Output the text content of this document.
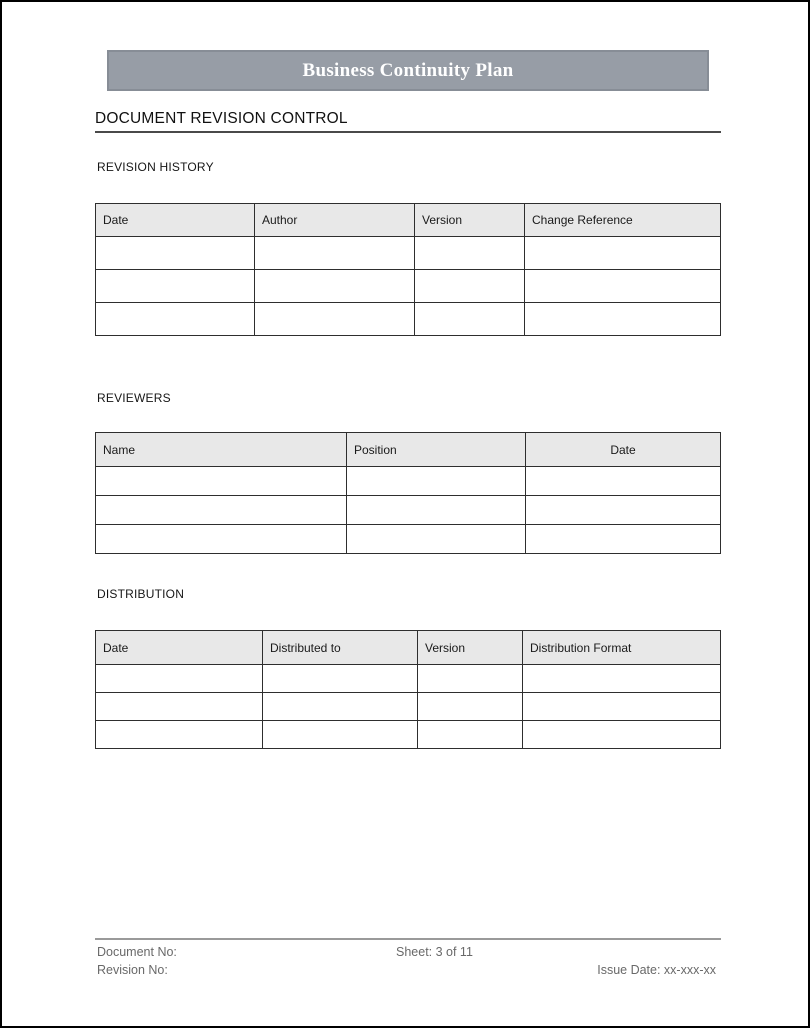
Business Continuity Plan
DOCUMENT REVISION CONTROL
REVISION HISTORY
Date	Author	Version	Change Reference

REVIEWERS
Name	Position	Date

DISTRIBUTION
Date	Distributed to	Version	Distribution Format

Document No:	Sheet: 3 of 11
Revision No:	Issue Date: xx-xxx-xx
